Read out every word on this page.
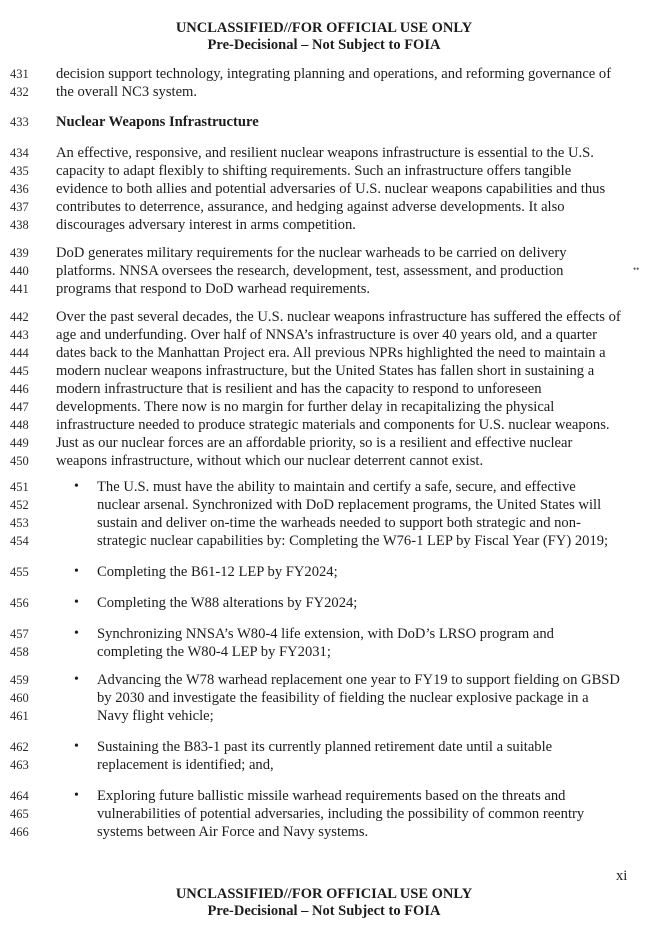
UNCLASSIFIED//FOR OFFICIAL USE ONLY
Pre-Decisional – Not Subject to FOIA
431	decision support technology, integrating planning and operations, and reforming governance of
432	the overall NC3 system.
433	Nuclear Weapons Infrastructure
434	An effective, responsive, and resilient nuclear weapons infrastructure is essential to the U.S.
435	capacity to adapt flexibly to shifting requirements. Such an infrastructure offers tangible
436	evidence to both allies and potential adversaries of U.S. nuclear weapons capabilities and thus
437	contributes to deterrence, assurance, and hedging against adverse developments. It also
438	discourages adversary interest in arms competition.
439	DoD generates military requirements for the nuclear warheads to be carried on delivery
440	platforms. NNSA oversees the research, development, test, assessment, and production
441	programs that respond to DoD warhead requirements.
442	Over the past several decades, the U.S. nuclear weapons infrastructure has suffered the effects of
443	age and underfunding. Over half of NNSA’s infrastructure is over 40 years old, and a quarter
444	dates back to the Manhattan Project era. All previous NPRs highlighted the need to maintain a
445	modern nuclear weapons infrastructure, but the United States has fallen short in sustaining a
446	modern infrastructure that is resilient and has the capacity to respond to unforeseen
447	developments. There now is no margin for further delay in recapitalizing the physical
448	infrastructure needed to produce strategic materials and components for U.S. nuclear weapons.
449	Just as our nuclear forces are an affordable priority, so is a resilient and effective nuclear
450	weapons infrastructure, without which our nuclear deterrent cannot exist.
451	• The U.S. must have the ability to maintain and certify a safe, secure, and effective
452	nuclear arsenal. Synchronized with DoD replacement programs, the United States will
453	sustain and deliver on-time the warheads needed to support both strategic and non-
454	strategic nuclear capabilities by: Completing the W76-1 LEP by Fiscal Year (FY) 2019;
455	• Completing the B61-12 LEP by FY2024;
456	• Completing the W88 alterations by FY2024;
457	• Synchronizing NNSA’s W80-4 life extension, with DoD’s LRSO program and
458	completing the W80-4 LEP by FY2031;
459	• Advancing the W78 warhead replacement one year to FY19 to support fielding on GBSD
460	by 2030 and investigate the feasibility of fielding the nuclear explosive package in a
461	Navy flight vehicle;
462	• Sustaining the B83-1 past its currently planned retirement date until a suitable
463	replacement is identified; and,
464	• Exploring future ballistic missile warhead requirements based on the threats and
465	vulnerabilities of potential adversaries, including the possibility of common reentry
466	systems between Air Force and Navy systems.
••
xi
UNCLASSIFIED//FOR OFFICIAL USE ONLY
Pre-Decisional – Not Subject to FOIA
